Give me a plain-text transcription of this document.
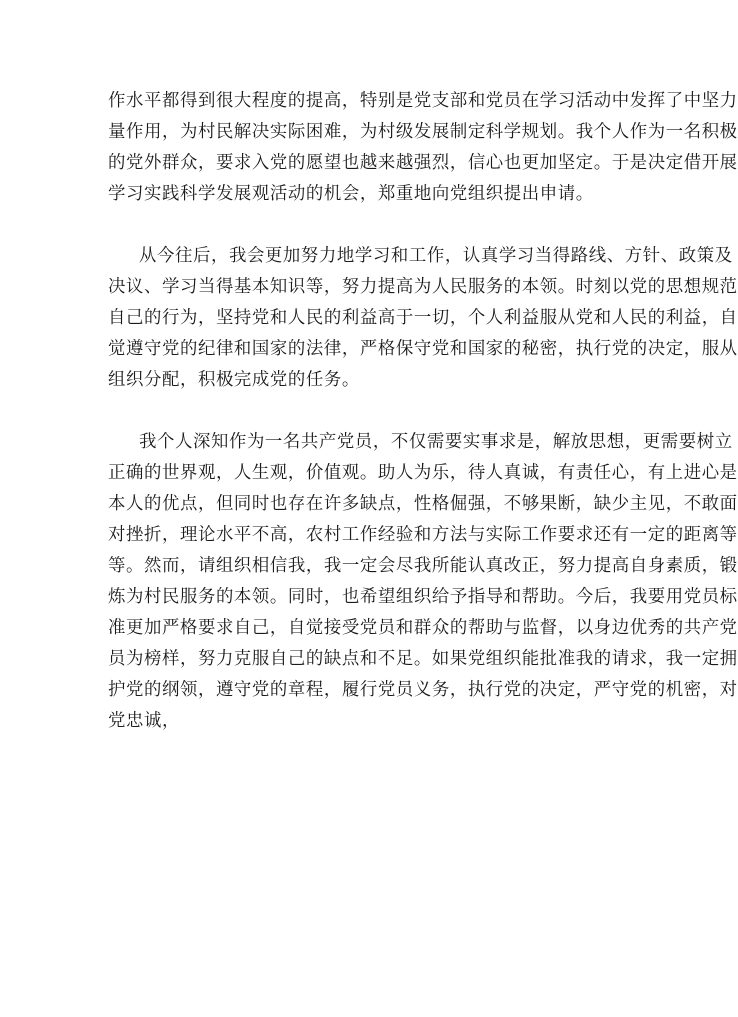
作水平都得到很大程度的提高，特别是党支部和党员在学习活动中发挥了中坚力
量作用，为村民解决实际困难，为村级发展制定科学规划。我个人作为一名积极
的党外群众，要求入党的愿望也越来越强烈，信心也更加坚定。于是决定借开展
学习实践科学发展观活动的机会，郑重地向党组织提出申请。
从今往后，我会更加努力地学习和工作，认真学习当得路线、方针、政策及
决议、学习当得基本知识等，努力提高为人民服务的本领。时刻以党的思想规范
自己的行为，坚持党和人民的利益高于一切，个人利益服从党和人民的利益，自
觉遵守党的纪律和国家的法律，严格保守党和国家的秘密，执行党的决定，服从
组织分配，积极完成党的任务。
我个人深知作为一名共产党员，不仅需要实事求是，解放思想，更需要树立
正确的世界观，人生观，价值观。助人为乐，待人真诚，有责任心，有上进心是
本人的优点，但同时也存在许多缺点，性格倔强，不够果断，缺少主见，不敢面
对挫折，理论水平不高，农村工作经验和方法与实际工作要求还有一定的距离等
等。然而，请组织相信我，我一定会尽我所能认真改正，努力提高自身素质，锻
炼为村民服务的本领。同时，也希望组织给予指导和帮助。今后，我要用党员标
准更加严格要求自己，自觉接受党员和群众的帮助与监督，以身边优秀的共产党
员为榜样，努力克服自己的缺点和不足。如果党组织能批准我的请求，我一定拥
护党的纲领，遵守党的章程，履行党员义务，执行党的决定，严守党的机密，对
党忠诚，
